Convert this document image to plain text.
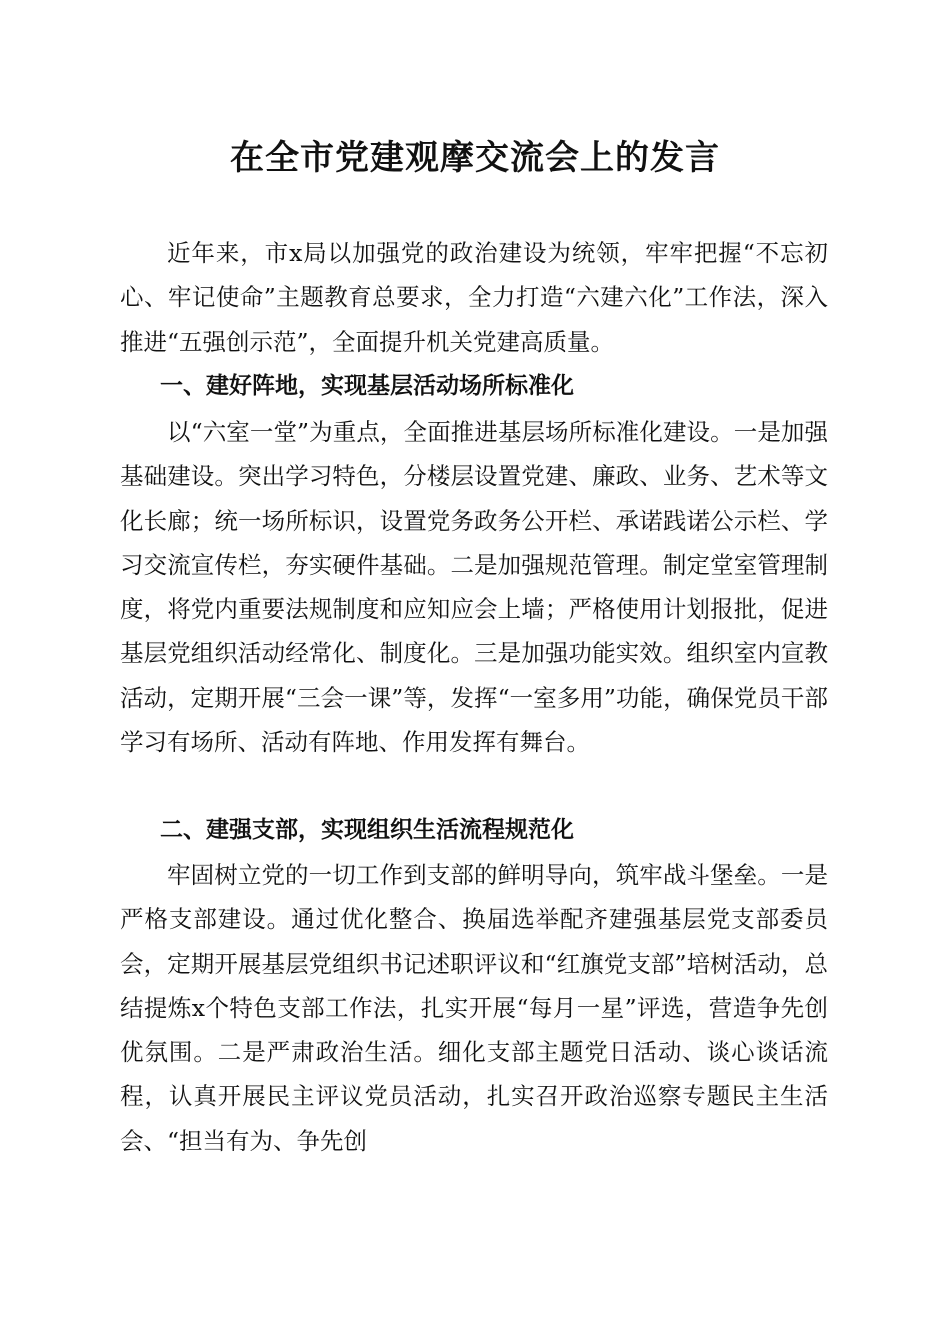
在全市党建观摩交流会上的发言

近年来，市x局以加强党的政治建设为统领，牢牢把握“不忘初心、牢记使命”主题教育总要求，全力打造“六建六化”工作法，深入推进“五强创示范”，全面提升机关党建高质量。

一、建好阵地，实现基层活动场所标准化

以“六室一堂”为重点，全面推进基层场所标准化建设。一是加强基础建设。突出学习特色，分楼层设置党建、廉政、业务、艺术等文化长廊；统一场所标识，设置党务政务公开栏、承诺践诺公示栏、学习交流宣传栏，夯实硬件基础。二是加强规范管理。制定堂室管理制度，将党内重要法规制度和应知应会上墙；严格使用计划报批，促进基层党组织活动经常化、制度化。三是加强功能实效。组织室内宣教活动，定期开展“三会一课”等，发挥“一室多用”功能，确保党员干部学习有场所、活动有阵地、作用发挥有舞台。

二、建强支部，实现组织生活流程规范化

牢固树立党的一切工作到支部的鲜明导向，筑牢战斗堡垒。一是严格支部建设。通过优化整合、换届选举配齐建强基层党支部委员会，定期开展基层党组织书记述职评议和“红旗党支部”培树活动，总结提炼x个特色支部工作法，扎实开展“每月一星”评选，营造争先创优氛围。二是严肃政治生活。细化支部主题党日活动、谈心谈话流程，认真开展民主评议党员活动，扎实召开政治巡察专题民主生活会、“担当有为、争先创
